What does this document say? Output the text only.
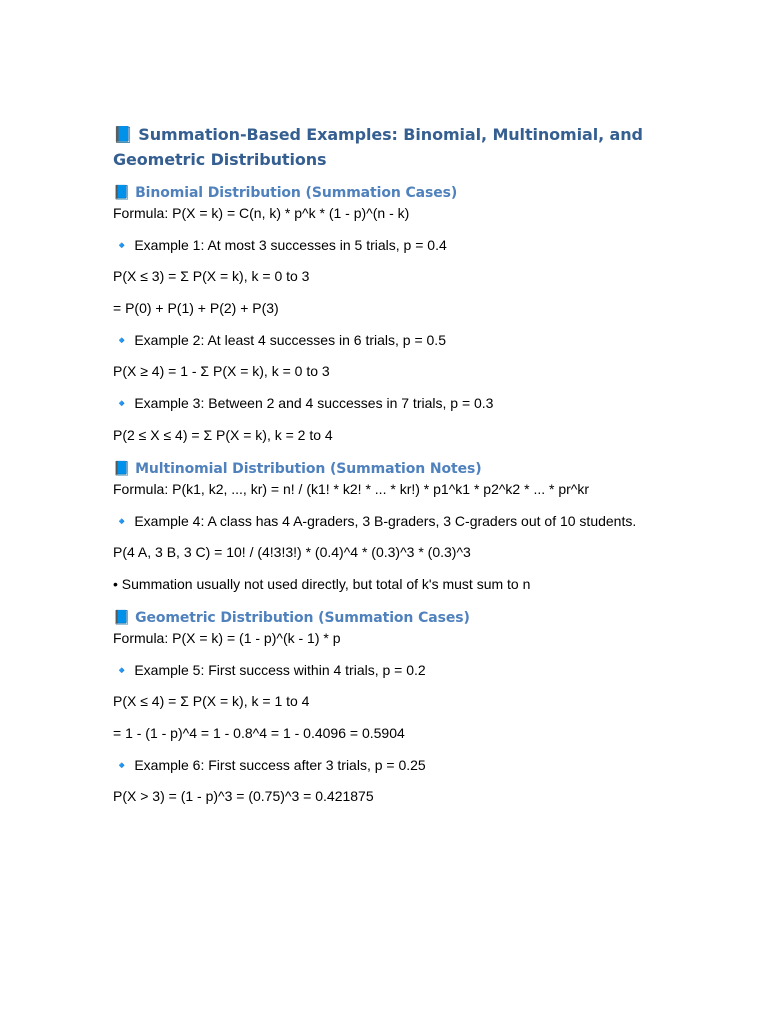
📘 Summation-Based Examples: Binomial, Multinomial, and Geometric Distributions
📘 Binomial Distribution (Summation Cases)
Formula: P(X = k) = C(n, k) * p^k * (1 - p)^(n - k)
🔹 Example 1: At most 3 successes in 5 trials, p = 0.4
P(X ≤ 3) = Σ P(X = k), k = 0 to 3
= P(0) + P(1) + P(2) + P(3)
🔹 Example 2: At least 4 successes in 6 trials, p = 0.5
P(X ≥ 4) = 1 - Σ P(X = k), k = 0 to 3
🔹 Example 3: Between 2 and 4 successes in 7 trials, p = 0.3
P(2 ≤ X ≤ 4) = Σ P(X = k), k = 2 to 4
📘 Multinomial Distribution (Summation Notes)
Formula: P(k1, k2, ..., kr) = n! / (k1! * k2! * ... * kr!) * p1^k1 * p2^k2 * ... * pr^kr
🔹 Example 4: A class has 4 A-graders, 3 B-graders, 3 C-graders out of 10 students.
P(4 A, 3 B, 3 C) = 10! / (4!3!3!) * (0.4)^4 * (0.3)^3 * (0.3)^3
• Summation usually not used directly, but total of k's must sum to n
📘 Geometric Distribution (Summation Cases)
Formula: P(X = k) = (1 - p)^(k - 1) * p
🔹 Example 5: First success within 4 trials, p = 0.2
P(X ≤ 4) = Σ P(X = k), k = 1 to 4
= 1 - (1 - p)^4 = 1 - 0.8^4 = 1 - 0.4096 = 0.5904
🔹 Example 6: First success after 3 trials, p = 0.25
P(X > 3) = (1 - p)^3 = (0.75)^3 = 0.421875
